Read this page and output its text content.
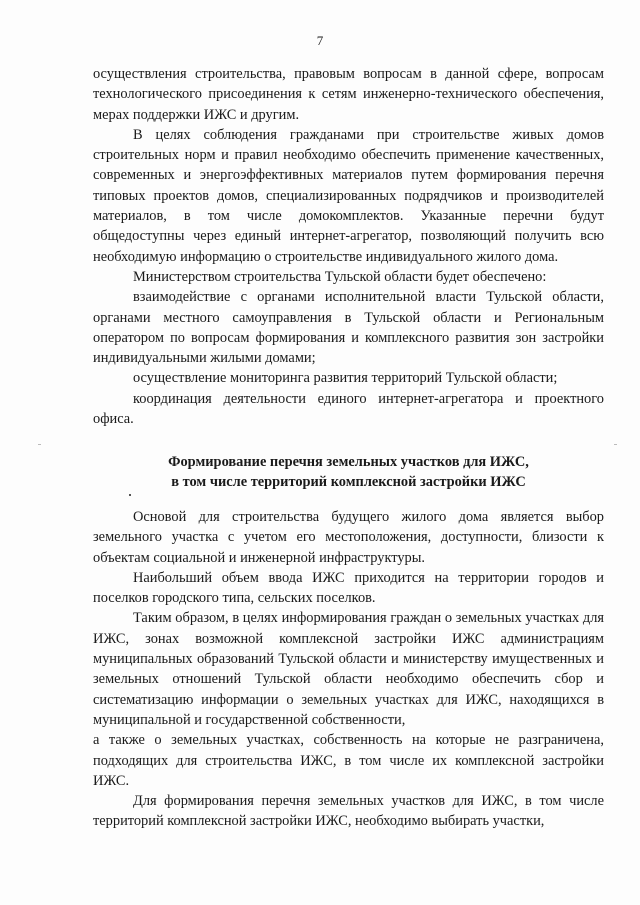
7

осуществления строительства, правовым вопросам в данной сфере, вопросам технологического присоединения к сетям инженерно-технического обеспечения, мерах поддержки ИЖС и другим.

В целях соблюдения гражданами при строительстве живых домов строительных норм и правил необходимо обеспечить применение качественных, современных и энергоэффективных материалов путем формирования перечня типовых проектов домов, специализированных подрядчиков и производителей материалов, в том числе домокомплектов. Указанные перечни будут общедоступны через единый интернет-агрегатор, позволяющий получить всю необходимую информацию о строительстве индивидуального жилого дома.

Министерством строительства Тульской области будет обеспечено:

взаимодействие с органами исполнительной власти Тульской области, органами местного самоуправления в Тульской области и Региональным оператором по вопросам формирования и комплексного развития зон застройки индивидуальными жилыми домами;

осуществление мониторинга развития территорий Тульской области;

координация деятельности единого интернет-агрегатора и проектного офиса.

Формирование перечня земельных участков для ИЖС,
в том числе территорий комплексной застройки ИЖС

Основой для строительства будущего жилого дома является выбор земельного участка с учетом его местоположения, доступности, близости к объектам социальной и инженерной инфраструктуры.

Наибольший объем ввода ИЖС приходится на территории городов и поселков городского типа, сельских поселков.

Таким образом, в целях информирования граждан о земельных участках для ИЖС, зонах возможной комплексной застройки ИЖС администрациям муниципальных образований Тульской области и министерству имущественных и земельных отношений Тульской области необходимо обеспечить сбор и систематизацию информации о земельных участках для ИЖС, находящихся в муниципальной и государственной собственности,

а также о земельных участках, собственность на которые не разграничена, подходящих для строительства ИЖС, в том числе их комплексной застройки ИЖС.

Для формирования перечня земельных участков для ИЖС, в том числе территорий комплексной застройки ИЖС, необходимо выбирать участки,
